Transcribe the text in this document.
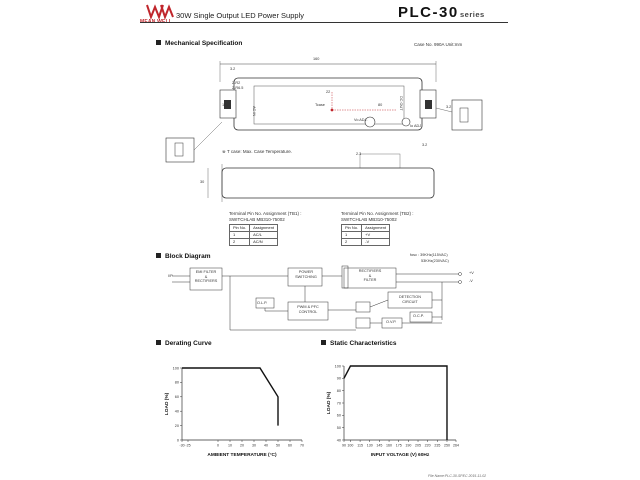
MEAN WELL
30W Single Output LED Power Supply	PLC-30 series
Mechanical Specification	Case No. 990A Unit:mm
160
3.2
2-R2
2-R6.5
14
22
80
Tcase
AC IN
DC OUT
Vo ADJ.
Io ADJ.
3.2
※ T case: Max. Case Temperature.	2.3
30
3.2
Terminal Pin No. Assignment (TB1) :
SWITCHLAB MB310-75002
Pin No.	Assignment
1	AC/L
2	AC/N
Terminal Pin No. Assignment (TB2) :
SWITCHLAB MB310-75002
Pin No.	Assignment
1	+V
2	-V
Block Diagram	fosc : 39KHz(115VAC)
53KHz(230VAC)
I/P
EMI FILTER
&
RECTIFIERS
POWER
SWITCHING
RECTIFIERS
&
FILTER
O.L.P.
PWM & PFC
CONTROL
DETECTION
CIRCUIT
O.C.P.
O.V.P.
+V
-V
Derating Curve
0
20
40
60
80
100
-30 -25	0	10 20 30 40 50 60 70
AMBIENT TEMPERATURE (°C)
LOAD (%)
Static Characteristics
40
50
60
70
80
90
100
90 100 115 130 145 160 175 190 205 220 235 250 264
INPUT VOLTAGE (V) 60Hz
LOAD (%)
File Name:PLC-30-SPEC 2015-11-02
